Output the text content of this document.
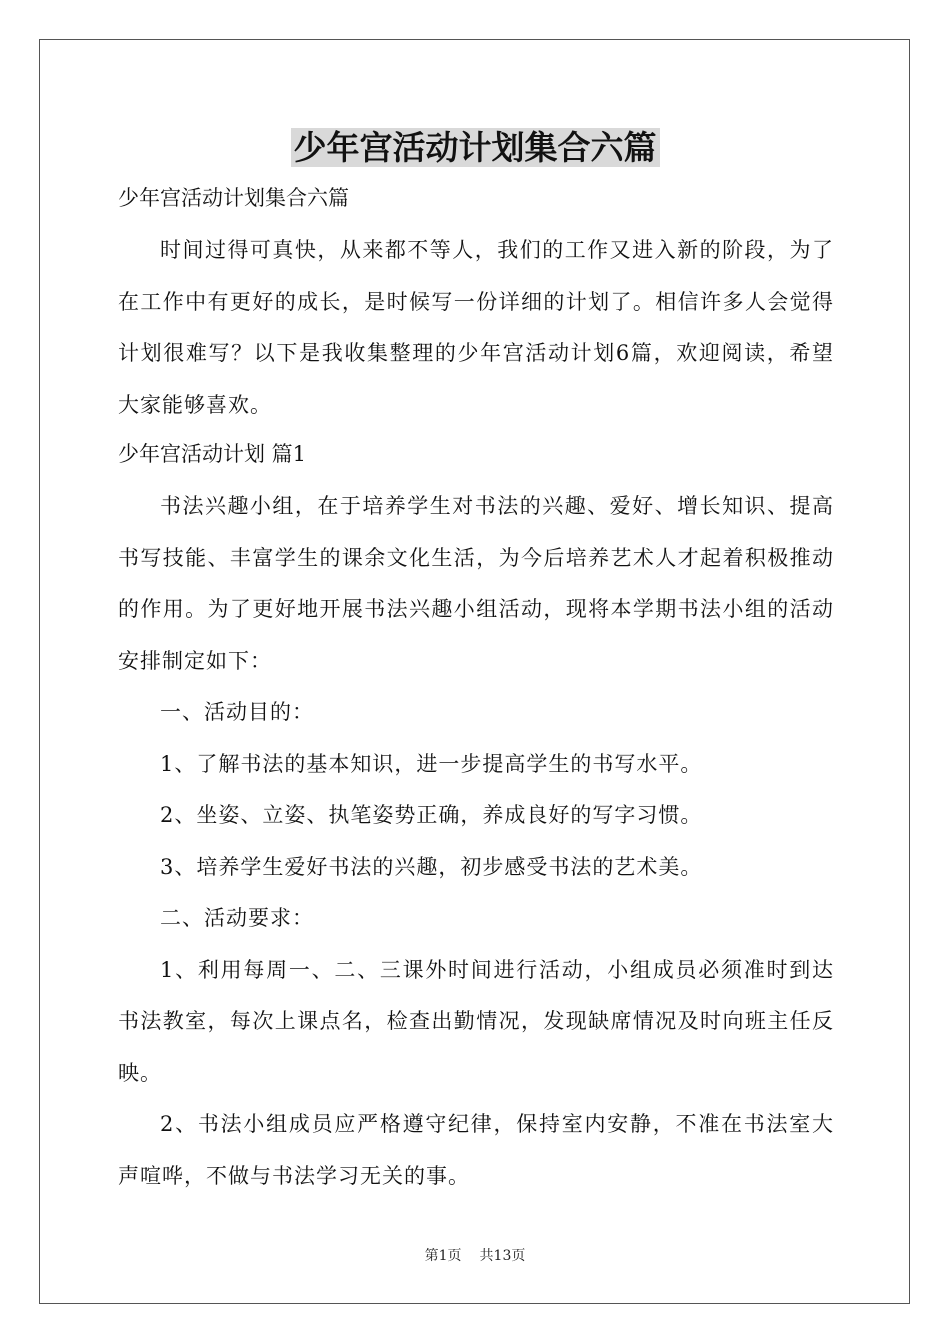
少年宫活动计划集合六篇

少年宫活动计划集合六篇

时间过得可真快，从来都不等人，我们的工作又进入新的阶段，为了在工作中有更好的成长，是时候写一份详细的计划了。相信许多人会觉得计划很难写？以下是我收集整理的少年宫活动计划6篇，欢迎阅读，希望大家能够喜欢。

少年宫活动计划 篇1

书法兴趣小组，在于培养学生对书法的兴趣、爱好、增长知识、提高书写技能、丰富学生的课余文化生活，为今后培养艺术人才起着积极推动的作用。为了更好地开展书法兴趣小组活动，现将本学期书法小组的活动安排制定如下：

一、活动目的：

1、了解书法的基本知识，进一步提高学生的书写水平。

2、坐姿、立姿、执笔姿势正确，养成良好的写字习惯。

3、培养学生爱好书法的兴趣，初步感受书法的艺术美。

二、活动要求：

1、利用每周一、二、三课外时间进行活动，小组成员必须准时到达书法教室，每次上课点名，检查出勤情况，发现缺席情况及时向班主任反映。

2、书法小组成员应严格遵守纪律，保持室内安静，不准在书法室大声喧哗，不做与书法学习无关的事。

第1页 共13页
